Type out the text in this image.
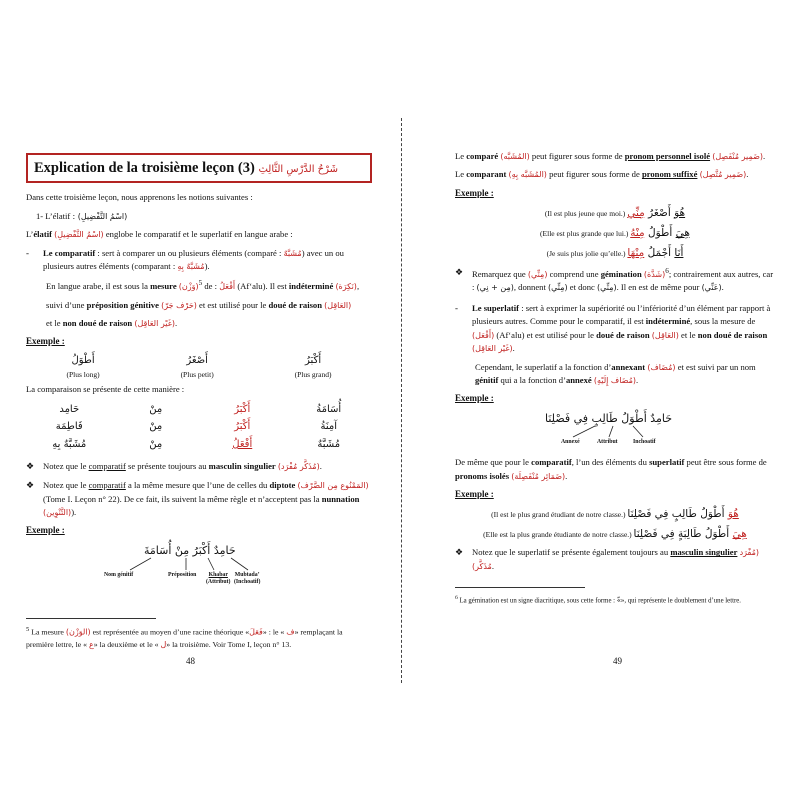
Explication de la troisième leçon (3) شَرْحُ الدَّرْسِ الثَّالِثِ

Dans cette troisième leçon, nous apprenons les notions suivantes :

1- L’élatif (اسْمُ التَّفْضِيلِ) :

L’élatif (اسْمُ التَّفْضِيلِ) englobe le comparatif et le superlatif en langue arabe :

-	Le comparatif : sert à comparer un ou plusieurs éléments (comparé : مُشَبَّهٌ) avec un ou plusieurs autres éléments (comparant : مُشَبَّهٌ بِهِ).

En langue arabe, il est sous la mesure (وَزْن)$^5$ de : أَفْعَلُ (Af‘alu). Il est indéterminé (نَكِرَة),

suivi d’une préposition génitive (حَرْف جَرّ) et est utilisé pour le doué de raison (العَاقِل)

et le non doué de raison (غَيْر العَاقِل).

Exemple :
أَطْوَلُ
(Plus long)
أَصْغَرُ
(Plus petit)
أَكْبَرُ
(Plus grand)

La comparaison se présente de cette manière :

حَامِد	مِنْ	أَكْبَرُ	أُسَامَةُ
فَاطِمَة	مِنْ	أَكْبَرُ	آمِنَةُ
مُشَبَّهٌ بِهِ	مِنْ	أَفْعَلُ	مُشَبَّهٌ
❖	Notez que le comparatif se présente toujours au masculin singulier (مُذَكَّر مُفْرَد).
❖	Notez que le comparatif a la même mesure que l’une de celles du diptote (المَمْنُوع مِن الصَّرْف) (Tome I. Leçon n° 22). De ce fait, ils suivent la même règle et n’acceptent pas la nunnation (التَّنْوِين)).
Exemple :
حَامِدٌ أَكْبَرُ مِنْ أُسَامَةَ
Nom génitif	Préposition	Khabar
(Attribut)
Mubtada’
(Inchoatif)
$^5$ La mesure (الوَزْن) est représentée au moyen d’une racine théorique «فَعَلَ» : le « ف» remplaçant la première lettre, le « ع» la deuxième et le « ل» la troisième. Voir Tome I, leçon n° 13.
48

Le comparé (المُشَبَّه) peut figurer sous forme de pronom personnel isolé (ضَمِير مُنْفَصِل).

Le comparant (المُشَبَّه بِهِ) peut figurer sous forme de pronom suffixé (ضَمِير مُتَّصِل).

Exemple :
(Il est plus jeune que moi.)	هُوَ أَصْغَرُ مِنِّي
(Elle est plus grande que lui.)	هِيَ أَطْوَلُ مِنْهُ
(Je suis plus jolie qu’elle.)	أَنَا أَجْمَلُ مِنْهَا
❖	Remarquez que (مِنِّي) comprend une gémination (شَدَّة)$^6$; contrairement aux autres, car : (مِن + نِي), donnent (مِنِّي) et donc (مِنِّي). Il en est de même pour (عَنِّي).
-	Le superlatif : sert à exprimer la supériorité ou l’infériorité d’un élément par rapport à plusieurs autres. Comme pour le comparatif, il est indéterminé, sous la mesure de (أَفْعَل) (Af‘alu) et est utilisé pour le doué de raison (العَاقِل) et le non doué de raison (غَيْر العَاقِل).

Cependant, le superlatif a la fonction d’annexant (مُضَاف) et est suivi par un nom génitif qui a la fonction d’annexé (مُضَاف إِلَيْهِ).

Exemple :
حَامِدٌ أَطْوَلُ طَالِبٍ فِي فَصْلِنَا
Annexé	Attribut	Inchoatif

De même que pour le comparatif, l’un des éléments du superlatif peut être sous forme de pronoms isolés (ضَمَائِر مُنْفَصِلَة).

Exemple :
(Il est le plus grand étudiant de notre classe.)	هُوَ أَطْوَلُ طَالِبٍ فِي فَصْلِنَا
(Elle est la plus grande étudiante de notre classe.)	هِيَ أَطْوَلُ طَالِبَةٍ فِي فَصْلِنَا
❖	Notez que le superlatif se présente également toujours au masculin singulier (مُفْرَد مُذَكَّر).
$^6$ La gémination est un signe diacritique, sous cette forme : «», qui représente le doublement d’une lettre.
49
